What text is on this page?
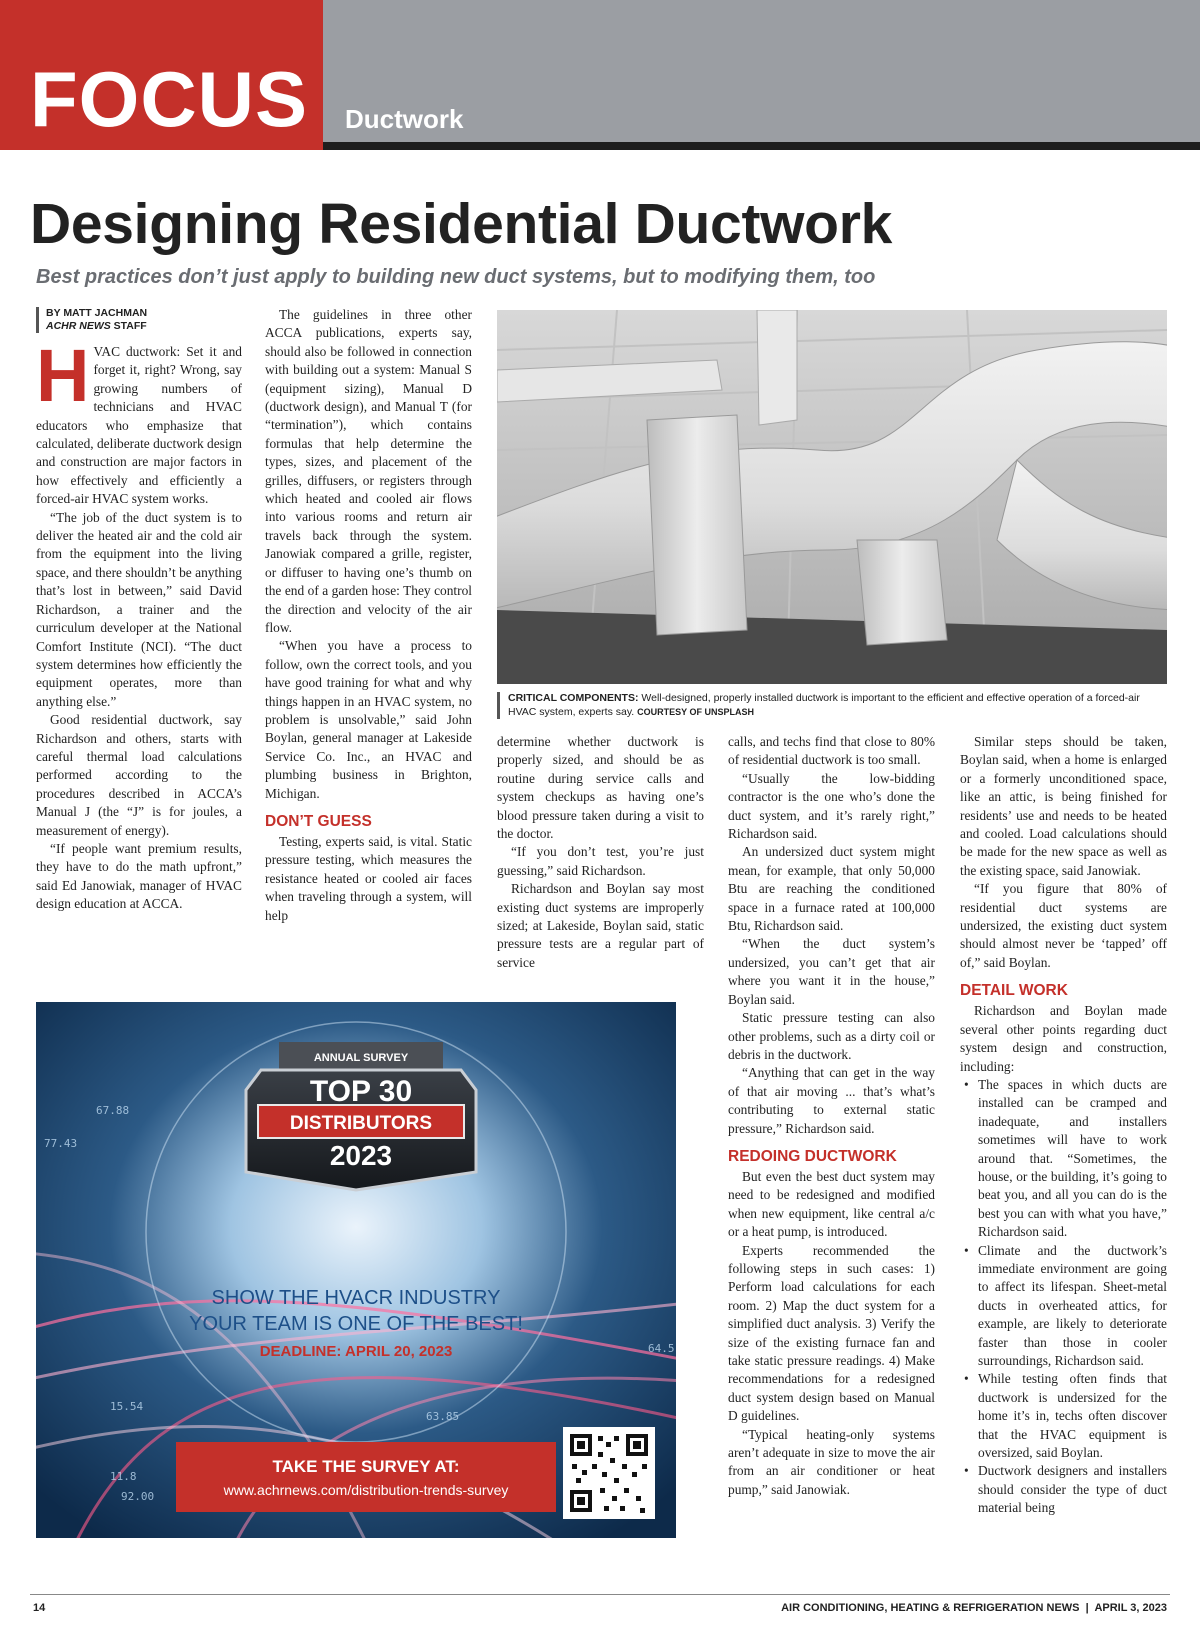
FOCUS Ductwork
Designing Residential Ductwork
Best practices don’t just apply to building new duct systems, but to modifying them, too
BY MATT JACHMAN
ACHR NEWS STAFF
H VAC ductwork: Set it and forget it, right? Wrong, say growing numbers of technicians and HVAC educators who emphasize that calculated, deliberate ductwork design and construction are major factors in how effectively and efficiently a forced-air HVAC system works.

“The job of the duct system is to deliver the heated air and the cold air from the equipment into the living space, and there shouldn’t be anything that’s lost in between,” said David Richardson, a trainer and the curriculum developer at the National Comfort Institute (NCI). “The duct system determines how efficiently the equipment operates, more than anything else.”

Good residential ductwork, say Richardson and others, starts with careful thermal load calculations performed according to the procedures described in ACCA’s Manual J (the “J” is for joules, a measurement of energy).

“If people want premium results, they have to do the math upfront,” said Ed Janowiak, manager of HVAC design education at ACCA.

The guidelines in three other ACCA publications, experts say, should also be followed in connection with building out a system: Manual S (equipment sizing), Manual D (ductwork design), and Manual T (for “termination”), which contains formulas that help determine the types, sizes, and placement of the grilles, diffusers, or registers through which heated and cooled air flows into various rooms and return air travels back through the system. Janowiak compared a grille, register, or diffuser to having one’s thumb on the end of a garden hose: They control the direction and velocity of the air flow.

“When you have a process to follow, own the correct tools, and you have good training for what and why things happen in an HVAC system, no problem is unsolvable,” said John Boylan, general manager at Lakeside Service Co. Inc., an HVAC and plumbing business in Brighton, Michigan.

DON’T GUESS

Testing, experts said, is vital. Static pressure testing, which measures the resistance heated or cooled air faces when traveling through a system, will help

CRITICAL COMPONENTS: Well-designed, properly installed ductwork is important to the efficient and effective operation of a forced-air HVAC system, experts say. COURTESY OF UNSPLASH

determine whether ductwork is properly sized, and should be as routine during service calls and system checkups as having one’s blood pressure taken during a visit to the doctor.

“If you don’t test, you’re just guessing,” said Richardson.

Richardson and Boylan say most existing duct systems are improperly sized; at Lakeside, Boylan said, static pressure tests are a regular part of service

calls, and techs find that close to 80% of residential ductwork is too small.

“Usually the low-bidding contractor is the one who’s done the duct system, and it’s rarely right,” Richardson said.

An undersized duct system might mean, for example, that only 50,000 Btu are reaching the conditioned space in a furnace rated at 100,000 Btu, Richardson said.

“When the duct system’s undersized, you can’t get that air where you want it in the house,” Boylan said.

Static pressure testing can also other problems, such as a dirty coil or debris in the ductwork.

“Anything that can get in the way of that air moving ... that’s what’s contributing to external static pressure,” Richardson said.

REDOING DUCTWORK

But even the best duct system may need to be redesigned and modified when new equipment, like central a/c or a heat pump, is introduced.

Experts recommended the following steps in such cases: 1) Perform load calculations for each room. 2) Map the duct system for a simplified duct analysis. 3) Verify the size of the existing furnace fan and take static pressure readings. 4) Make recommendations for a redesigned duct system design based on Manual D guidelines.

“Typical heating-only systems aren’t adequate in size to move the air from an air conditioner or heat pump,” said Janowiak.

Similar steps should be taken, Boylan said, when a home is enlarged or a formerly unconditioned space, like an attic, is being finished for residents’ use and needs to be heated and cooled. Load calculations should be made for the new space as well as the existing space, said Janowiak.

“If you figure that 80% of residential duct systems are undersized, the existing duct system should almost never be ‘tapped’ off of,” said Boylan.

DETAIL WORK

Richardson and Boylan made several other points regarding duct system design and construction, including:

• The spaces in which ducts are installed can be cramped and inadequate, and installers sometimes will have to work around that. “Sometimes, the house, or the building, it’s going to beat you, and all you can do is the best you can with what you have,” Richardson said.
• Climate and the ductwork’s immediate environment are going to affect its lifespan. Sheet-metal ducts in overheated attics, for example, are likely to deteriorate faster than those in cooler surroundings, Richardson said.
• While testing often finds that ductwork is undersized for the home it’s in, techs often discover that the HVAC equipment is oversized, said Boylan.
• Ductwork designers and installers should consider the type of duct material being
67.88
77.43
63.85
64.5
92.00
11.8
15.54
ANNUAL SURVEY
TOP 30
DISTRIBUTORS
2023
SHOW THE HVACR INDUSTRY
YOUR TEAM IS ONE OF THE BEST!
DEADLINE: APRIL 20, 2023
TAKE THE SURVEY AT:
www.achrnews.com/distribution-trends-survey
14	AIR CONDITIONING, HEATING & REFRIGERATION NEWS | APRIL 3, 2023
